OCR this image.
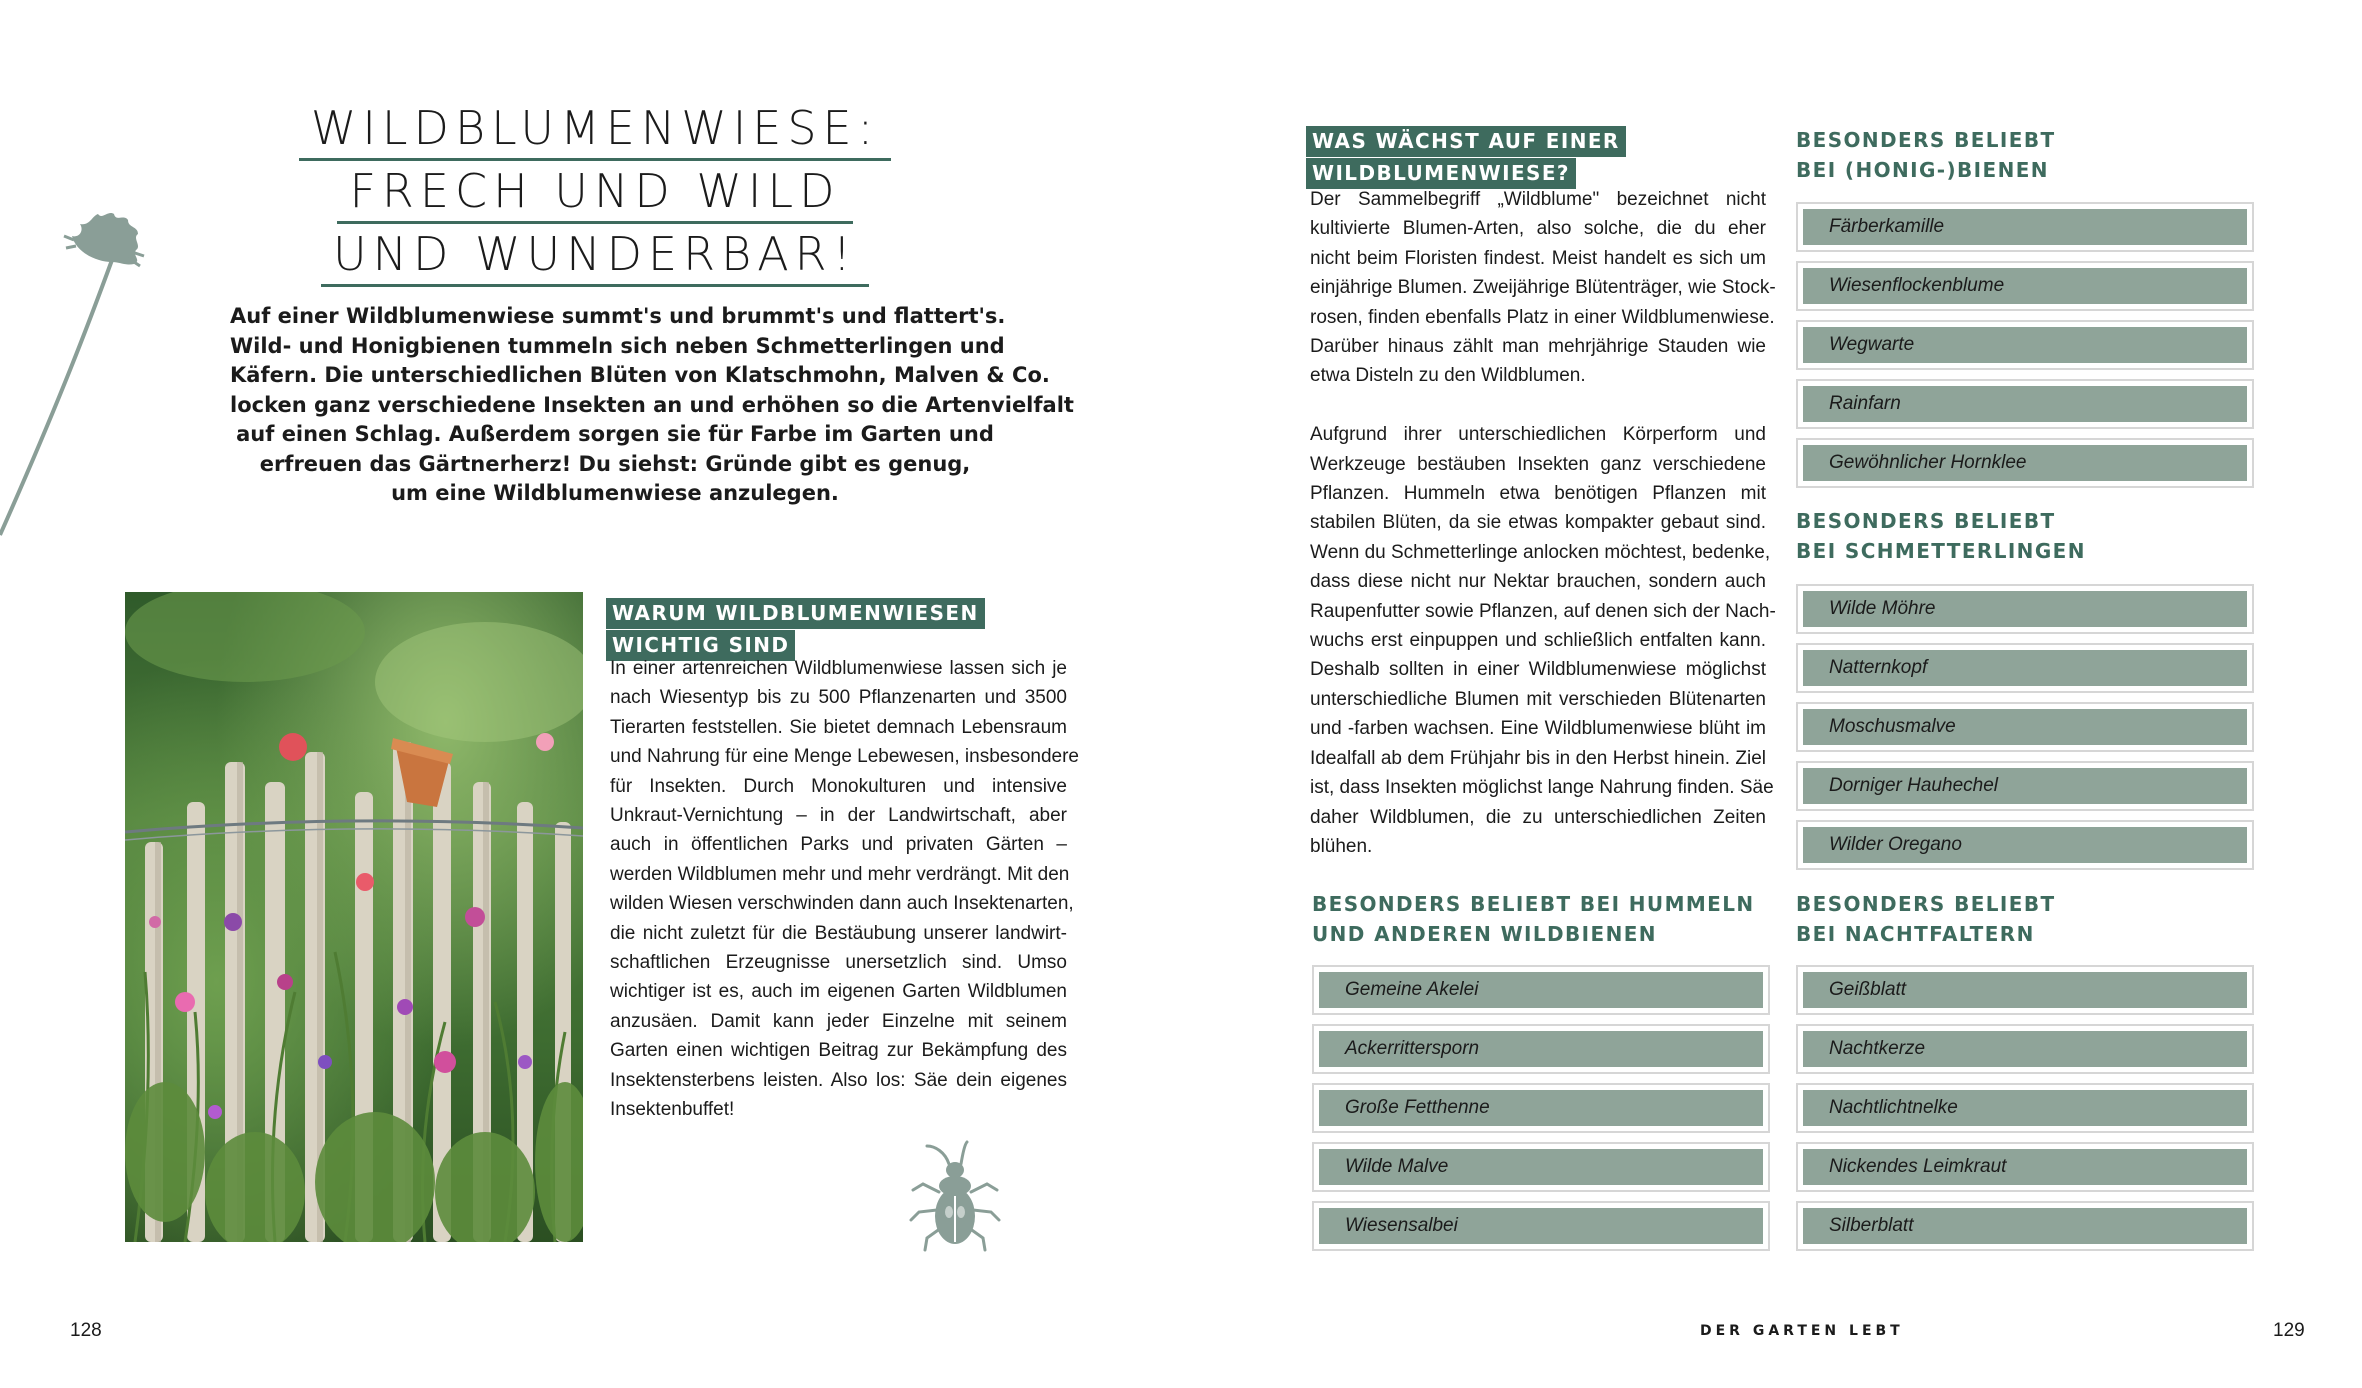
WILDBLUMENWIESE:
FRECH UND WILD
UND WUNDERBAR!
Auf einer Wildblumenwiese summt's und brummt's und flattert's.
Wild- und Honigbienen tummeln sich neben Schmetterlingen und
Käfern. Die unterschiedlichen Blüten von Klatschmohn, Malven & Co.
locken ganz verschiedene Insekten an und erhöhen so die Artenvielfalt
auf einen Schlag. Außerdem sorgen sie für Farbe im Garten und
erfreuen das Gärtnerherz! Du siehst: Gründe gibt es genug,
um eine Wildblumenwiese anzulegen.
WARUM WILDBLUMENWIESEN
WICHTIG SIND
In einer artenreichen Wildblumenwiese lassen sich je
nach Wiesentyp bis zu 500 Pflanzenarten und 3500
Tierarten feststellen. Sie bietet demnach Lebensraum
und Nahrung für eine Menge Lebewesen, insbesondere
für Insekten. Durch Monokulturen und intensive
Unkraut-Vernichtung – in der Landwirtschaft, aber
auch in öffentlichen Parks und privaten Gärten –
werden Wildblumen mehr und mehr verdrängt. Mit den
wilden Wiesen verschwinden dann auch Insektenarten,
die nicht zuletzt für die Bestäubung unserer landwirt-
schaftlichen Erzeugnisse unersetzlich sind. Umso
wichtiger ist es, auch im eigenen Garten Wildblumen
anzusäen. Damit kann jeder Einzelne mit seinem
Garten einen wichtigen Beitrag zur Bekämpfung des
Insektensterbens leisten. Also los: Säe dein eigenes
Insektenbuffet!
WAS WÄCHST AUF EINER
WILDBLUMENWIESE?
Der Sammelbegriff „Wildblume" bezeichnet nicht
kultivierte Blumen-Arten, also solche, die du eher
nicht beim Floristen findest. Meist handelt es sich um
einjährige Blumen. Zweijährige Blütenträger, wie Stock-
rosen, finden ebenfalls Platz in einer Wildblumenwiese.
Darüber hinaus zählt man mehrjährige Stauden wie
etwa Disteln zu den Wildblumen.
Aufgrund ihrer unterschiedlichen Körperform und
Werkzeuge bestäuben Insekten ganz verschiedene
Pflanzen. Hummeln etwa benötigen Pflanzen mit
stabilen Blüten, da sie etwas kompakter gebaut sind.
Wenn du Schmetterlinge anlocken möchtest, bedenke,
dass diese nicht nur Nektar brauchen, sondern auch
Raupenfutter sowie Pflanzen, auf denen sich der Nach-
wuchs erst einpuppen und schließlich entfalten kann.
Deshalb sollten in einer Wildblumenwiese möglichst
unterschiedliche Blumen mit verschieden Blütenarten
und -farben wachsen. Eine Wildblumenwiese blüht im
Idealfall ab dem Frühjahr bis in den Herbst hinein. Ziel
ist, dass Insekten möglichst lange Nahrung finden. Säe
daher Wildblumen, die zu unterschiedlichen Zeiten
blühen.
BESONDERS BELIEBT BEI HUMMELN
UND ANDEREN WILDBIENEN
Gemeine Akelei
Ackerrittersporn
Große Fetthenne
Wilde Malve
Wiesensalbei
BESONDERS BELIEBT
BEI (HONIG-)BIENEN
Färberkamille
Wiesenflockenblume
Wegwarte
Rainfarn
Gewöhnlicher Hornklee
BESONDERS BELIEBT
BEI SCHMETTERLINGEN
Wilde Möhre
Natternkopf
Moschusmalve
Dorniger Hauhechel
Wilder Oregano
BESONDERS BELIEBT
BEI NACHTFALTERN
Geißblatt
Nachtkerze
Nachtlichtnelke
Nickendes Leimkraut
Silberblatt
128	DER GARTEN LEBT	129
